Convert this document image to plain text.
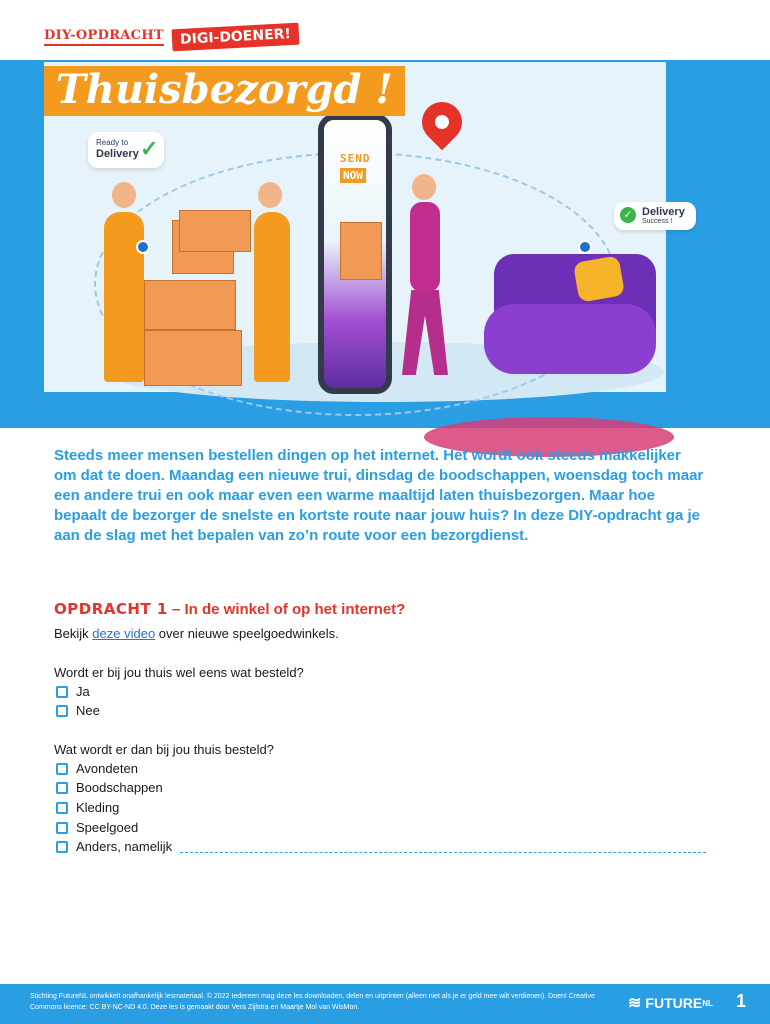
DIY-OPDRACHT	DIGI-DOENER!
SEND
NOW
Ready to
Delivery ✓
✓ Delivery
Success !
Thuisbezorgd !

Steeds meer mensen bestellen dingen op het internet. Het wordt ook steeds makkelijker om dat te doen. Maandag een nieuwe trui, dinsdag de boodschappen, woensdag toch maar een andere trui en ook maar even een warme maaltijd laten thuisbezorgen. Maar hoe bepaalt de bezorger de snelste en kortste route naar jouw huis? In deze DIY-opdracht ga je aan de slag met het bepalen van zo’n route voor een bezorgdienst.

OPDRACHT 1 – In de winkel of op het internet?
Bekijk deze video over nieuwe speelgoedwinkels.
Wordt er bij jou thuis wel eens wat besteld?
Ja
Nee
Wat wordt er dan bij jou thuis besteld?
Avondeten
Boodschappen
Kleding
Speelgoed
Anders, namelijk
Stichting FutureNL ontwikkelt onafhankelijk lesmateriaal. © 2022 Iedereen mag deze les downloaden, delen en uitprinten (alleen niet als je er geld mee wilt verdienen). Doen! Creative Commons licence: CC BY-NC-ND 4.0. Deze les is gemaakt door Vera Zijlstra en Maartje Mol van WisMon.	≋ FUTURE NL 1
